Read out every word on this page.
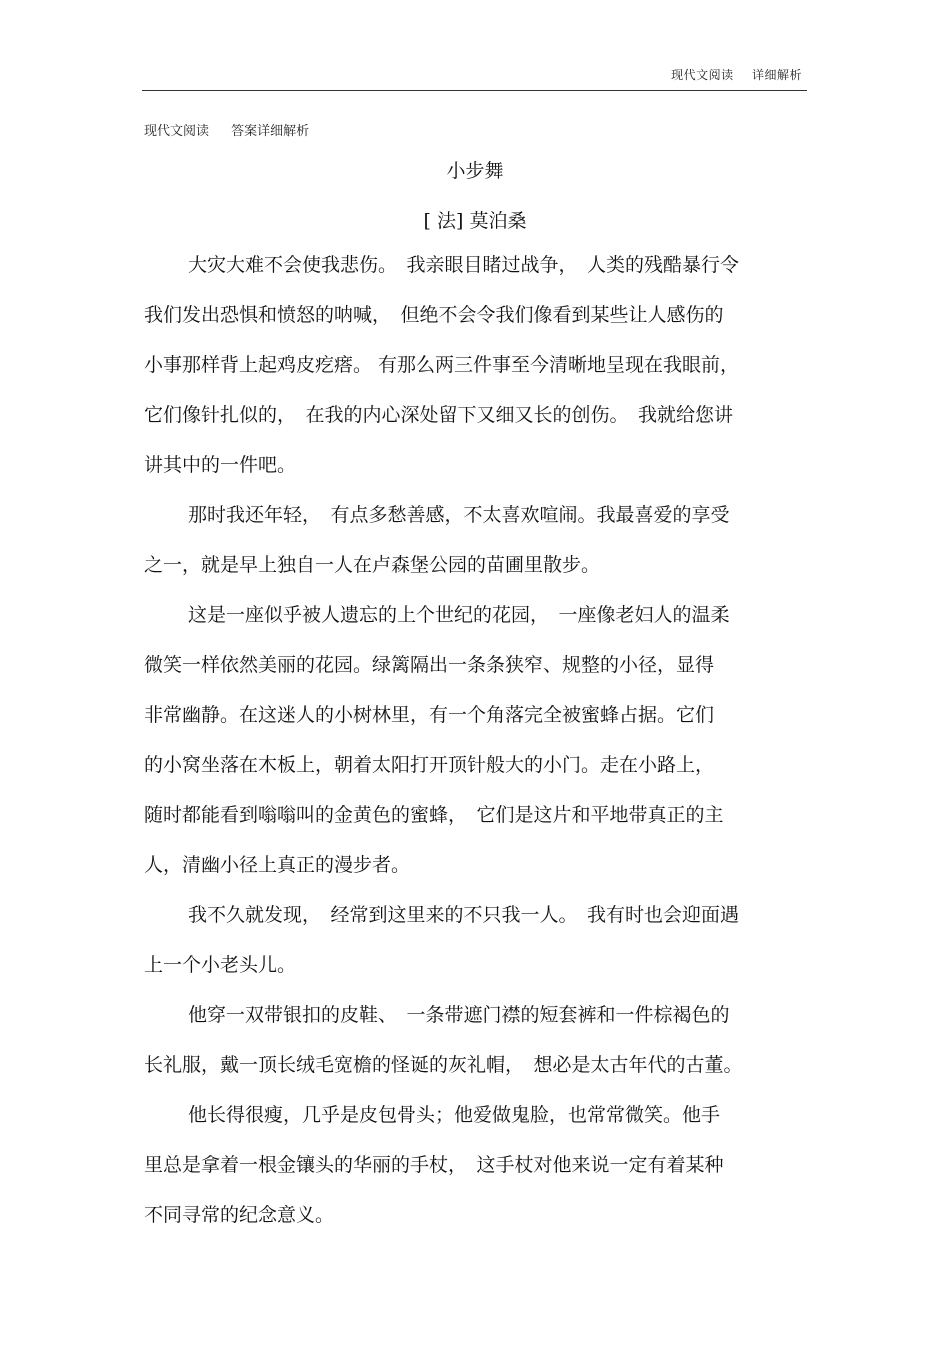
现代文阅读 详细解析
现代文阅读 答案详细解析
小步舞
[ 法] 莫泊桑
大灾大难不会使我悲伤。　我亲眼目睹过战争，　人类的残酷暴行令
我们发出恐惧和愤怒的呐喊，　但绝不会令我们像看到某些让人感伤的
小事那样背上起鸡皮疙瘩。 有那么两三件事至今清晰地呈现在我眼前，
它们像针扎似的，　在我的内心深处留下又细又长的创伤。　我就给您讲
讲其中的一件吧。
那时我还年轻，　有点多愁善感，不太喜欢喧闹。我最喜爱的享受
之一，就是早上独自一人在卢森堡公园的苗圃里散步。
这是一座似乎被人遗忘的上个世纪的花园，　一座像老妇人的温柔
微笑一样依然美丽的花园。绿篱隔出一条条狭窄、规整的小径，显得
非常幽静。在这迷人的小树林里，有一个角落完全被蜜蜂占据。它们
的小窝坐落在木板上，朝着太阳打开顶针般大的小门。走在小路上，
随时都能看到嗡嗡叫的金黄色的蜜蜂，　它们是这片和平地带真正的主
人，清幽小径上真正的漫步者。
我不久就发现，　经常到这里来的不只我一人。　我有时也会迎面遇
上一个小老头儿。
他穿一双带银扣的皮鞋、　一条带遮门襟的短套裤和一件棕褐色的
长礼服，戴一顶长绒毛宽檐的怪诞的灰礼帽，　想必是太古年代的古董。
他长得很瘦，几乎是皮包骨头；他爱做鬼脸，也常常微笑。他手
里总是拿着一根金镶头的华丽的手杖，　这手杖对他来说一定有着某种
不同寻常的纪念意义。
